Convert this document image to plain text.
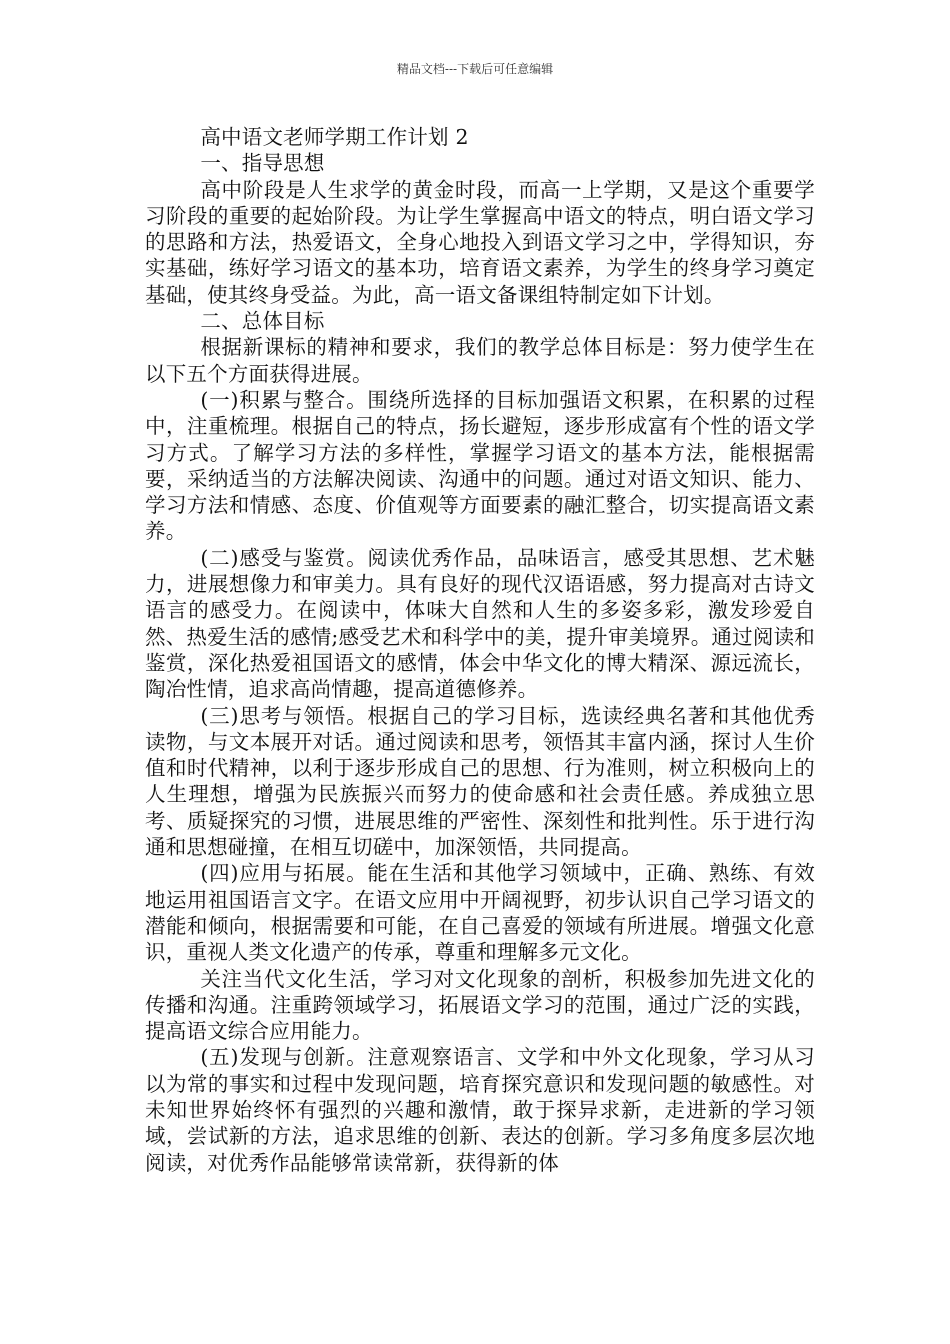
精品文档---下载后可任意编辑

高中语文老师学期工作计划 2

一、指导思想

高中阶段是人生求学的黄金时段，而高一上学期，又是这个重要学习阶段的重要的起始阶段。为让学生掌握高中语文的特点，明白语文学习的思路和方法，热爱语文，全身心地投入到语文学习之中，学得知识，夯实基础，练好学习语文的基本功，培育语文素养，为学生的终身学习奠定基础，使其终身受益。为此，高一语文备课组特制定如下计划。

二、总体目标

根据新课标的精神和要求，我们的教学总体目标是：努力使学生在以下五个方面获得进展。

(一)积累与整合。围绕所选择的目标加强语文积累，在积累的过程中，注重梳理。根据自己的特点，扬长避短，逐步形成富有个性的语文学习方式。了解学习方法的多样性，掌握学习语文的基本方法，能根据需要，采纳适当的方法解决阅读、沟通中的问题。通过对语文知识、能力、学习方法和情感、态度、价值观等方面要素的融汇整合，切实提高语文素养。

(二)感受与鉴赏。阅读优秀作品，品味语言，感受其思想、艺术魅力，进展想像力和审美力。具有良好的现代汉语语感，努力提高对古诗文语言的感受力。在阅读中，体味大自然和人生的多姿多彩，激发珍爱自然、热爱生活的感情;感受艺术和科学中的美，提升审美境界。通过阅读和鉴赏，深化热爱祖国语文的感情，体会中华文化的博大精深、源远流长，陶冶性情，追求高尚情趣，提高道德修养。

(三)思考与领悟。根据自己的学习目标，选读经典名著和其他优秀读物，与文本展开对话。通过阅读和思考，领悟其丰富内涵，探讨人生价值和时代精神，以利于逐步形成自己的思想、行为准则，树立积极向上的人生理想，增强为民族振兴而努力的使命感和社会责任感。养成独立思考、质疑探究的习惯，进展思维的严密性、深刻性和批判性。乐于进行沟通和思想碰撞，在相互切磋中，加深领悟，共同提高。

(四)应用与拓展。能在生活和其他学习领域中，正确、熟练、有效地运用祖国语言文字。在语文应用中开阔视野，初步认识自己学习语文的潜能和倾向，根据需要和可能，在自己喜爱的领域有所进展。增强文化意识，重视人类文化遗产的传承，尊重和理解多元文化。

关注当代文化生活，学习对文化现象的剖析，积极参加先进文化的传播和沟通。注重跨领域学习，拓展语文学习的范围，通过广泛的实践，提高语文综合应用能力。

(五)发现与创新。注意观察语言、文学和中外文化现象，学习从习以为常的事实和过程中发现问题，培育探究意识和发现问题的敏感性。对未知世界始终怀有强烈的兴趣和激情，敢于探异求新，走进新的学习领域，尝试新的方法，追求思维的创新、表达的创新。学习多角度多层次地阅读，对优秀作品能够常读常新，获得新的体
